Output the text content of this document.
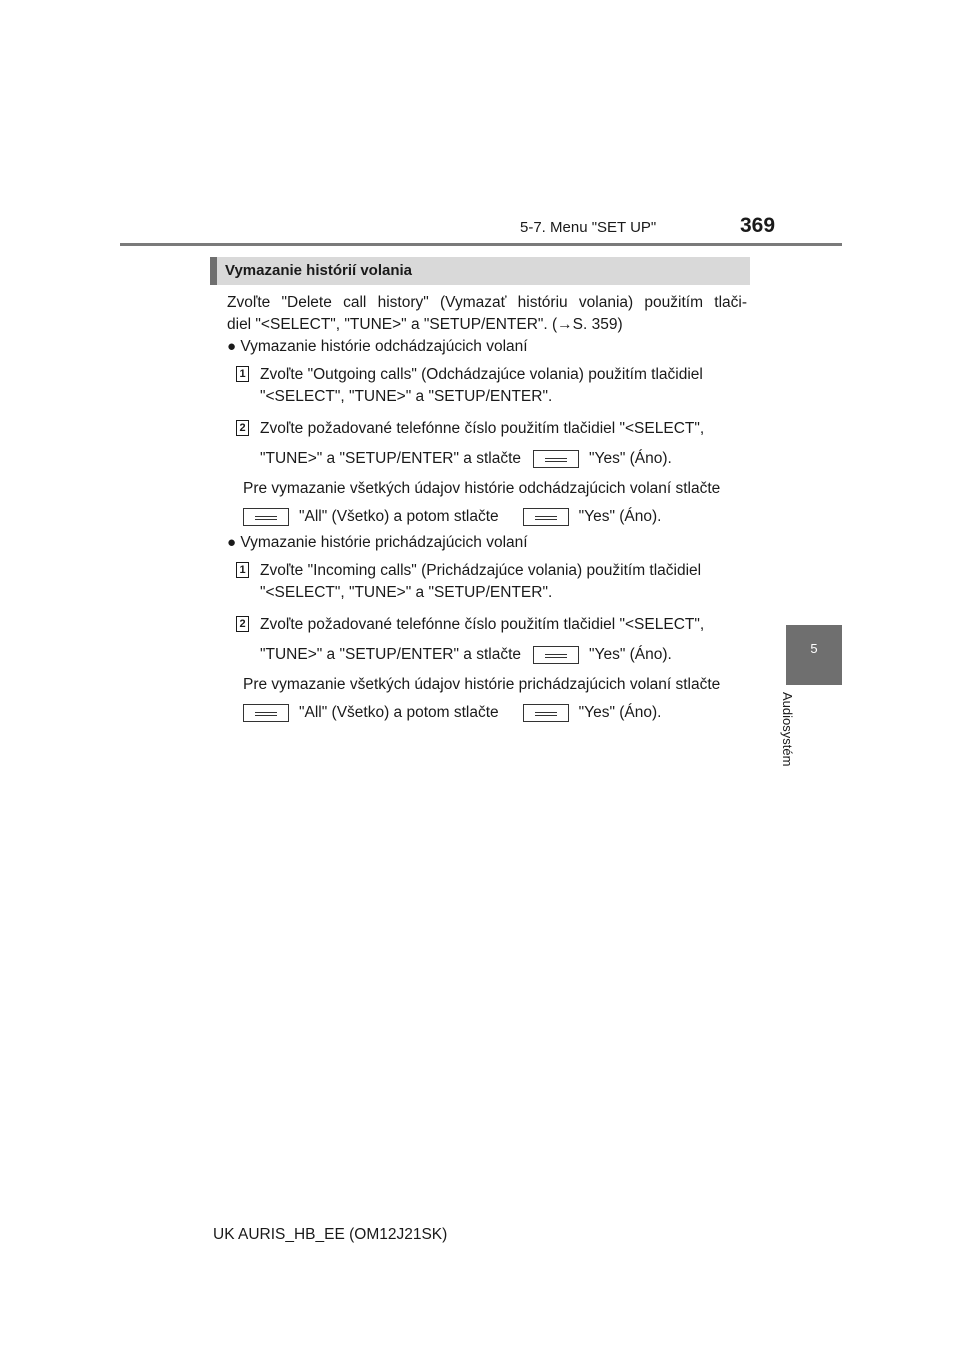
5-7. Menu "SET UP"	369
5
Audiosystém
Vymazanie histórií volania
Zvoľte "Delete call history" (Vymazať históriu volania) použitím tlači-
diel "<SELECT", "TUNE>" a "SETUP/ENTER". (→S. 359)
● Vymazanie histórie odchádzajúcich volaní
1 Zvoľte "Outgoing calls" (Odchádzajúce volania) použitím tlačidiel
"<SELECT", "TUNE>" a "SETUP/ENTER".
2 Zvoľte požadované telefónne číslo použitím tlačidiel "<SELECT",
"TUNE>" a "SETUP/ENTER" a stlačte	"Yes" (Áno).
Pre vymazanie všetkých údajov histórie odchádzajúcich volaní stlačte
"All" (Všetko) a potom stlačte	"Yes" (Áno).
● Vymazanie histórie prichádzajúcich volaní
1 Zvoľte "Incoming calls" (Prichádzajúce volania) použitím tlačidiel
"<SELECT", "TUNE>" a "SETUP/ENTER".
2 Zvoľte požadované telefónne číslo použitím tlačidiel "<SELECT",
"TUNE>" a "SETUP/ENTER" a stlačte	"Yes" (Áno).
Pre vymazanie všetkých údajov histórie prichádzajúcich volaní stlačte
"All" (Všetko) a potom stlačte	"Yes" (Áno).
UK AURIS_HB_EE (OM12J21SK)
